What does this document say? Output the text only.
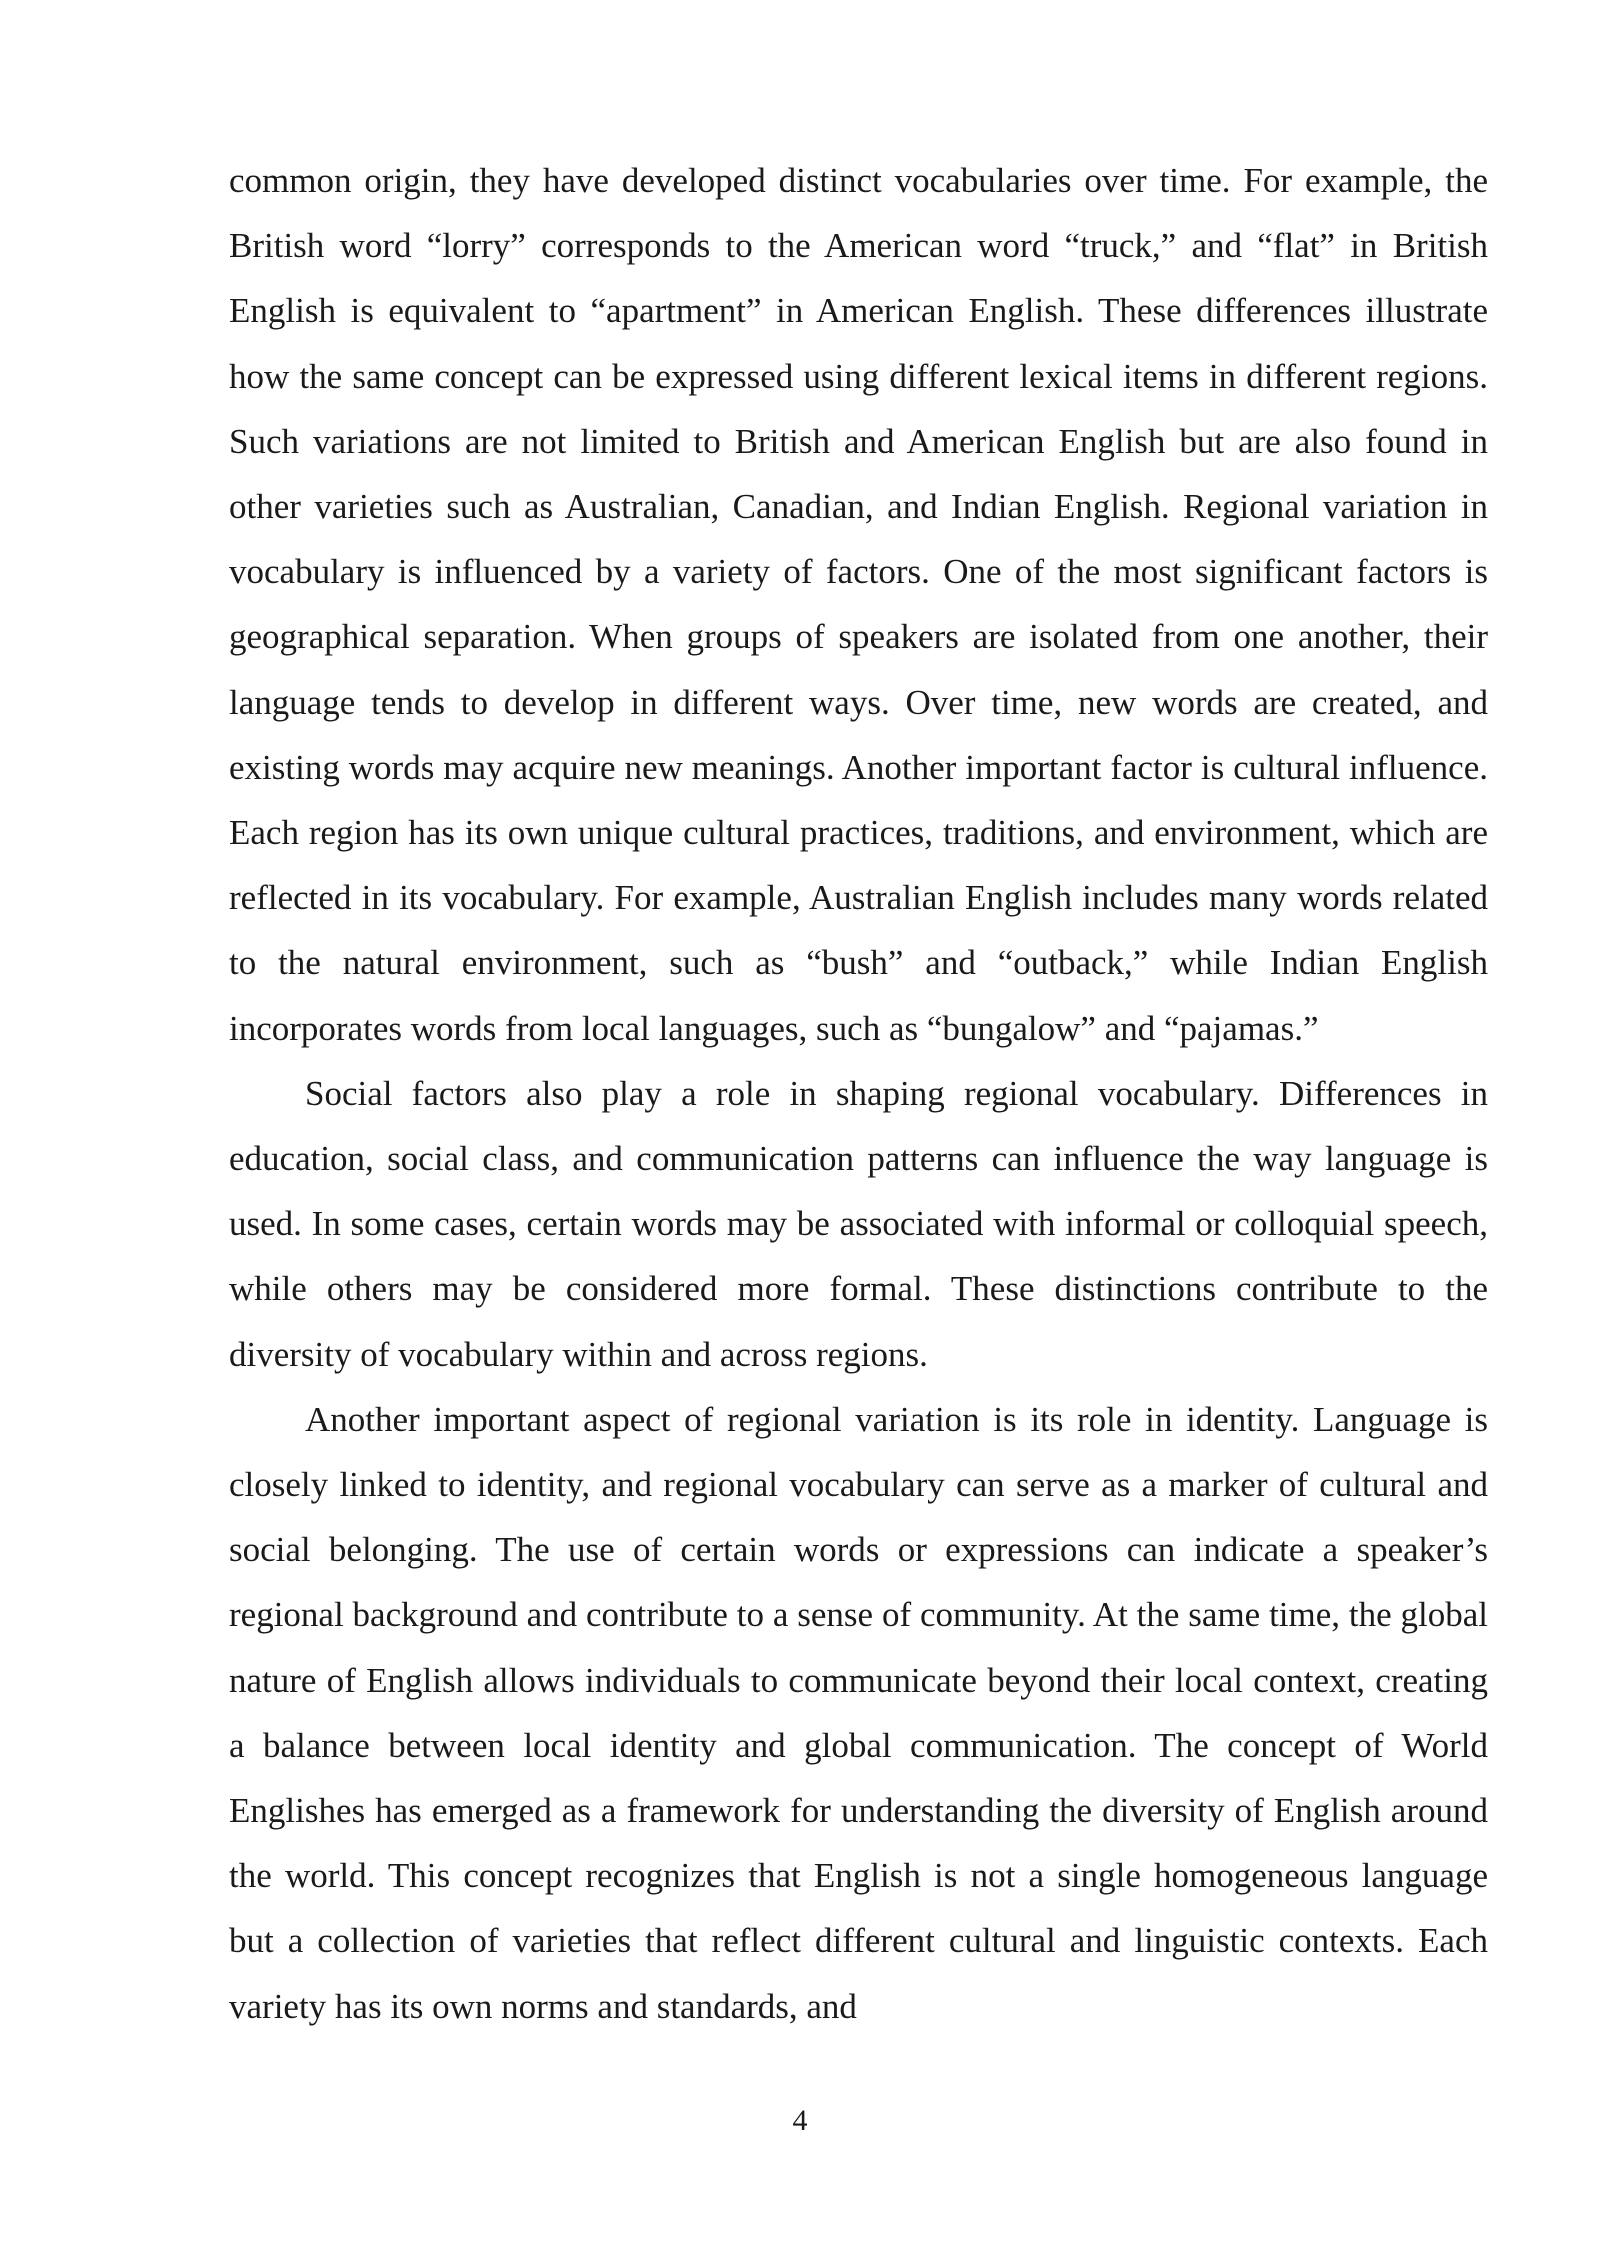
common origin, they have developed distinct vocabularies over time. For example, the British word “lorry” corresponds to the American word “truck,” and “flat” in British English is equivalent to “apartment” in American English. These differences illustrate how the same concept can be expressed using different lexical items in different regions. Such variations are not limited to British and American English but are also found in other varieties such as Australian, Canadian, and Indian English. Regional variation in vocabulary is influenced by a variety of factors. One of the most significant factors is geographical separation. When groups of speakers are isolated from one another, their language tends to develop in different ways. Over time, new words are created, and existing words may acquire new meanings. Another important factor is cultural influence. Each region has its own unique cultural practices, traditions, and environment, which are reflected in its vocabulary. For example, Australian English includes many words related to the natural environment, such as “bush” and “outback,” while Indian English incorporates words from local languages, such as “bungalow” and “pajamas.”

Social factors also play a role in shaping regional vocabulary. Differences in education, social class, and communication patterns can influence the way language is used. In some cases, certain words may be associated with informal or colloquial speech, while others may be considered more formal. These distinctions contribute to the diversity of vocabulary within and across regions.

Another important aspect of regional variation is its role in identity. Language is closely linked to identity, and regional vocabulary can serve as a marker of cultural and social belonging. The use of certain words or expressions can indicate a speaker’s regional background and contribute to a sense of community. At the same time, the global nature of English allows individuals to communicate beyond their local context, creating a balance between local identity and global communication. The concept of World Englishes has emerged as a framework for understanding the diversity of English around the world. This concept recognizes that English is not a single homogeneous language but a collection of varieties that reflect different cultural and linguistic contexts. Each variety has its own norms and standards, and

4
